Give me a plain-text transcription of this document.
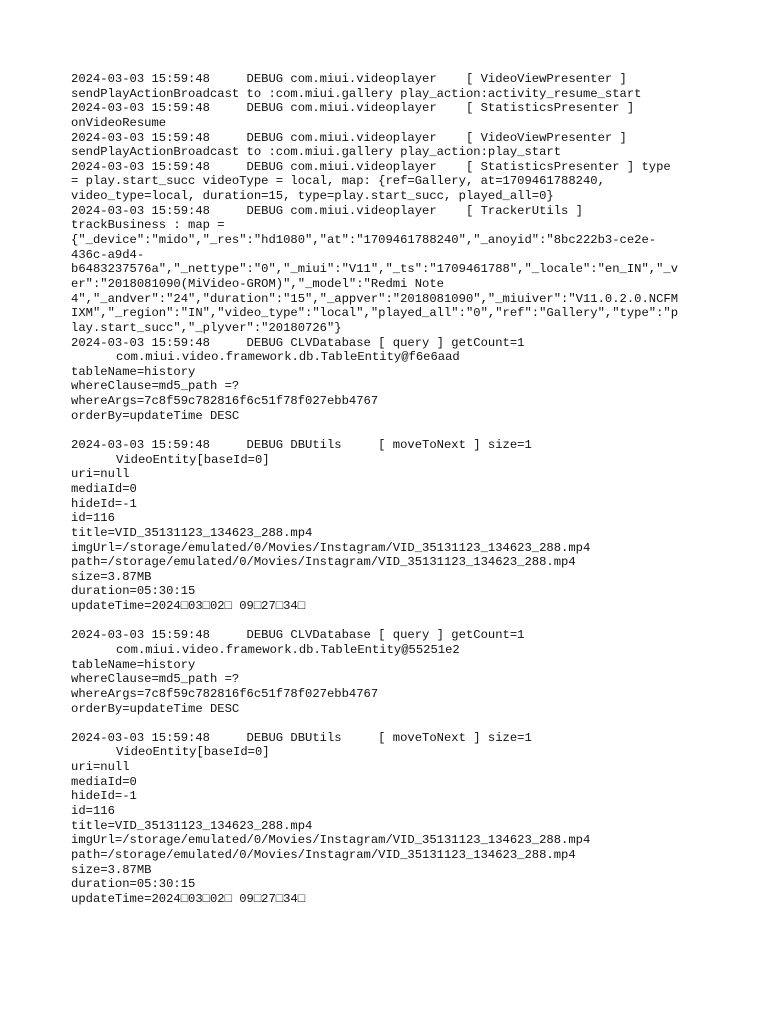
2024-03-03 15:59:48     DEBUG com.miui.videoplayer    [ VideoViewPresenter ]
sendPlayActionBroadcast to :com.miui.gallery play_action:activity_resume_start
2024-03-03 15:59:48     DEBUG com.miui.videoplayer    [ StatisticsPresenter ]
onVideoResume
2024-03-03 15:59:48     DEBUG com.miui.videoplayer    [ VideoViewPresenter ]
sendPlayActionBroadcast to :com.miui.gallery play_action:play_start
2024-03-03 15:59:48     DEBUG com.miui.videoplayer    [ StatisticsPresenter ] type
= play.start_succ videoType = local, map: {ref=Gallery, at=1709461788240,
video_type=local, duration=15, type=play.start_succ, played_all=0}
2024-03-03 15:59:48     DEBUG com.miui.videoplayer    [ TrackerUtils ]
trackBusiness : map =
{"_device":"mido","_res":"hd1080","at":"1709461788240","_anoyid":"8bc222b3-ce2e-
436c-a9d4-
b6483237576a","_nettype":"0","_miui":"V11","_ts":"1709461788","_locale":"en_IN","_v
er":"2018081090(MiVideo-GROM)","_model":"Redmi Note
4","_andver":"24","duration":"15","_appver":"2018081090","_miuiver":"V11.0.2.0.NCFM
IXM","_region":"IN","video_type":"local","played_all":"0","ref":"Gallery","type":"p
lay.start_succ","_plyver":"20180726"}
2024-03-03 15:59:48     DEBUG CLVDatabase [ query ] getCount=1
com.miui.video.framework.db.TableEntity@f6e6aad
tableName=history
whereClause=md5_path =?
whereArgs=7c8f59c782816f6c51f78f027ebb4767
orderBy=updateTime DESC
2024-03-03 15:59:48     DEBUG DBUtils     [ moveToNext ] size=1
VideoEntity[baseId=0]
uri=null
mediaId=0
hideId=-1
id=116
title=VID_35131123_134623_288.mp4
imgUrl=/storage/emulated/0/Movies/Instagram/VID_35131123_134623_288.mp4
path=/storage/emulated/0/Movies/Instagram/VID_35131123_134623_288.mp4
size=3.87MB
duration=05:30:15
updateTime=2024□03□02□ 09□27□34□
2024-03-03 15:59:48     DEBUG CLVDatabase [ query ] getCount=1
com.miui.video.framework.db.TableEntity@55251e2
tableName=history
whereClause=md5_path =?
whereArgs=7c8f59c782816f6c51f78f027ebb4767
orderBy=updateTime DESC
2024-03-03 15:59:48     DEBUG DBUtils     [ moveToNext ] size=1
VideoEntity[baseId=0]
uri=null
mediaId=0
hideId=-1
id=116
title=VID_35131123_134623_288.mp4
imgUrl=/storage/emulated/0/Movies/Instagram/VID_35131123_134623_288.mp4
path=/storage/emulated/0/Movies/Instagram/VID_35131123_134623_288.mp4
size=3.87MB
duration=05:30:15
updateTime=2024□03□02□ 09□27□34□
